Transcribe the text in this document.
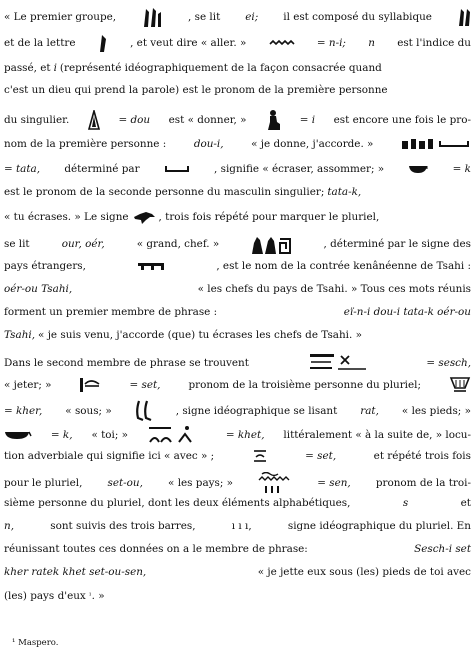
« Le premier groupe,	, se lit ei; il est composé du syllabique
et de la lettre	, et veut dire « aller. »	= n-i; n est l'indice du
passé, et i (représenté idéographiquement de la façon consacrée quand
c'est un dieu qui prend la parole) est le pronom de la première personne
du singulier.	= dou est « donner, »	= i est encore une fois le pro-
nom de la première personne :	dou-i,	« je donne, j'accorde. »
= tata, déterminé par	, signifie « écraser, assommer; »	= k
est le pronom de la seconde personne du masculin singulier; tata-k,
« tu écrases. » Le signe	, trois fois répété pour marquer le pluriel,
se lit	our, oér,	« grand, chef. »	, déterminé par le signe des
pays étrangers,	, est le nom de la contrée kenânéenne de Tsahi :
oér-ou Tsahi,	« les chefs du pays de Tsahi. » Tous ces mots réunis
forment un premier membre de phrase :	eï-n-i dou-i tata-k oér-ou
Tsahi, « je suis venu, j'accorde (que) tu écrases les chefs de Tsahi. »
Dans le second membre de phrase se trouvent	= sesch,
« jeter; »	= set,	pronom de la troisième personne du pluriel;
= kher, « sous; »	, signe idéographique se lisant rat, « les pieds; »
= k, « toi; »	= khet, littéralement « à la suite de, » locu-
tion adverbiale qui signifie ici « avec » ;	= set,	et répété trois fois
pour le pluriel, set-ou, « les pays; »	= sen, pronom de la troi-
sième personne du pluriel, dont les deux éléments alphabétiques,	s	et
n,	sont suivis des trois barres,	ı ı ı,	signe idéographique du pluriel. En
réunissant toutes ces données on a le membre de phrase:	Sesch-i set
kher ratek khet set-ou-sen,	« je jette eux sous (les) pieds de toi avec
(les) pays d'eux ¹ . »
¹ Maspero.
